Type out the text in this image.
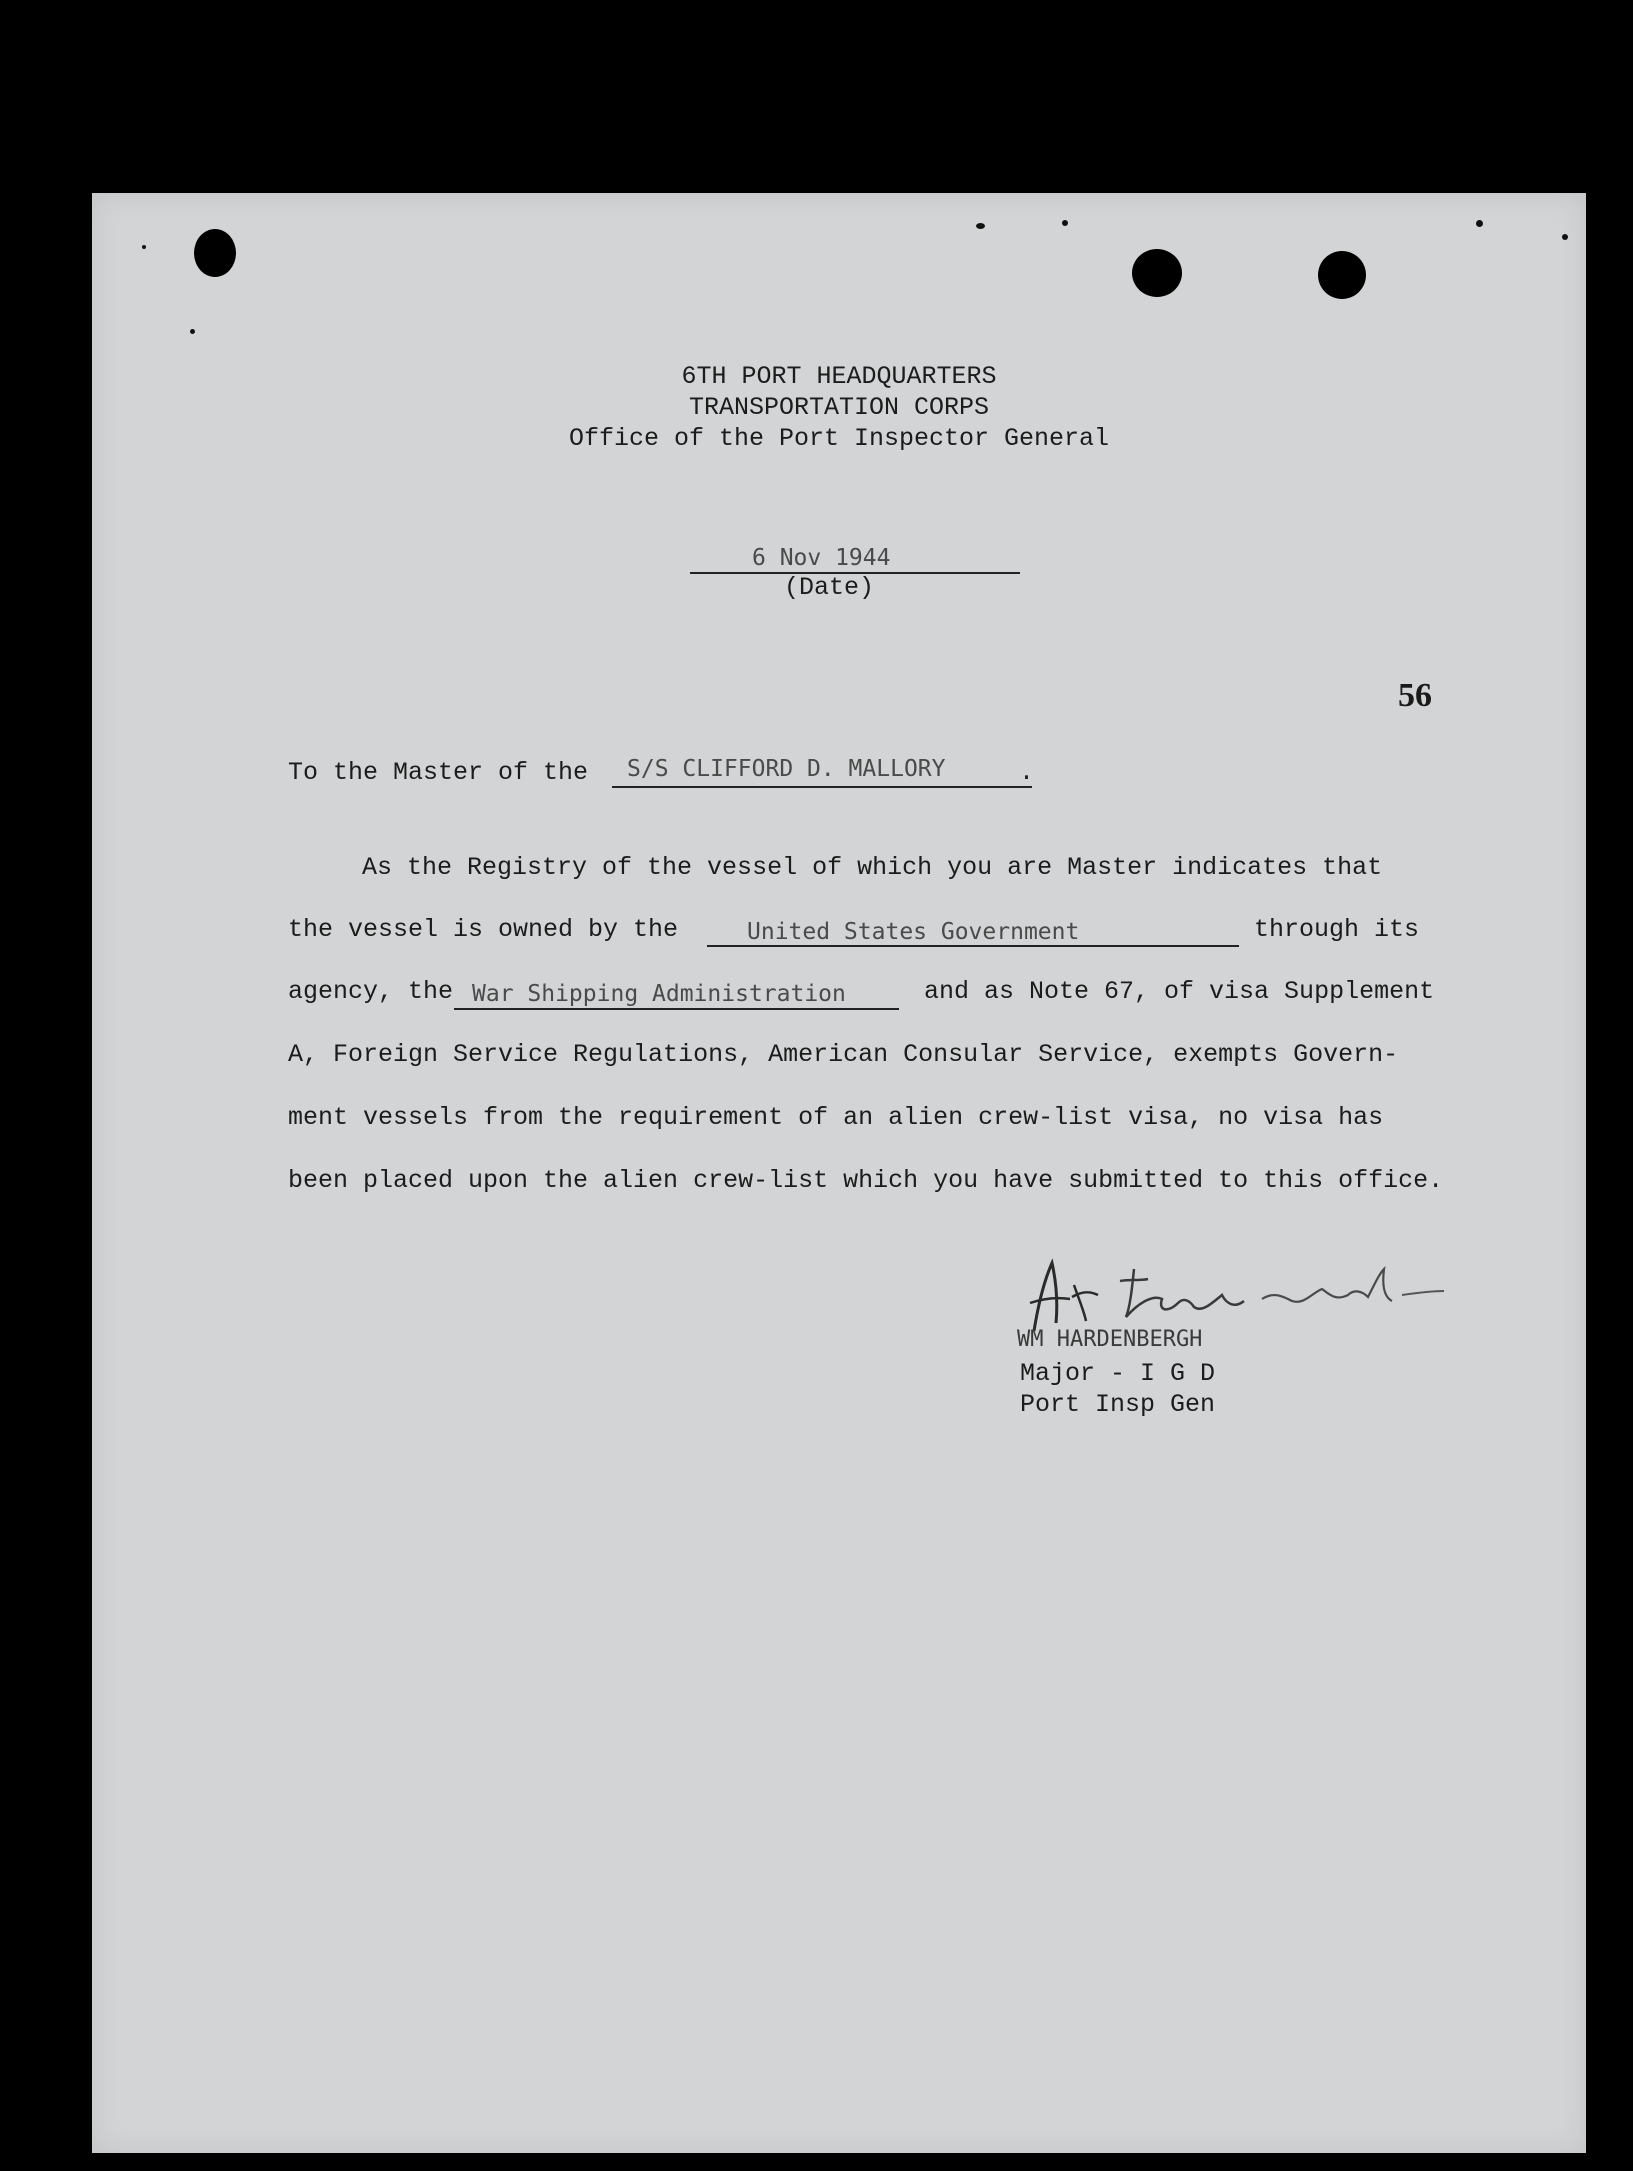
6TH PORT HEADQUARTERS
TRANSPORTATION CORPS
Office of the Port Inspector General
6 Nov 1944
(Date)
56
To the Master of the S/S CLIFFORD D. MALLORY	.
As the Registry of the vessel of which you are Master indicates that
the vessel is owned by the	United States Government	through its
agency, the War Shipping Administration	and as Note 67, of visa Supplement
A, Foreign Service Regulations, American Consular Service, exempts Govern-
ment vessels from the requirement of an alien crew-list visa, no visa has
been placed upon the alien crew-list which you have submitted to this office.
WM HARDENBERGH
Major - I G D
Port Insp Gen
